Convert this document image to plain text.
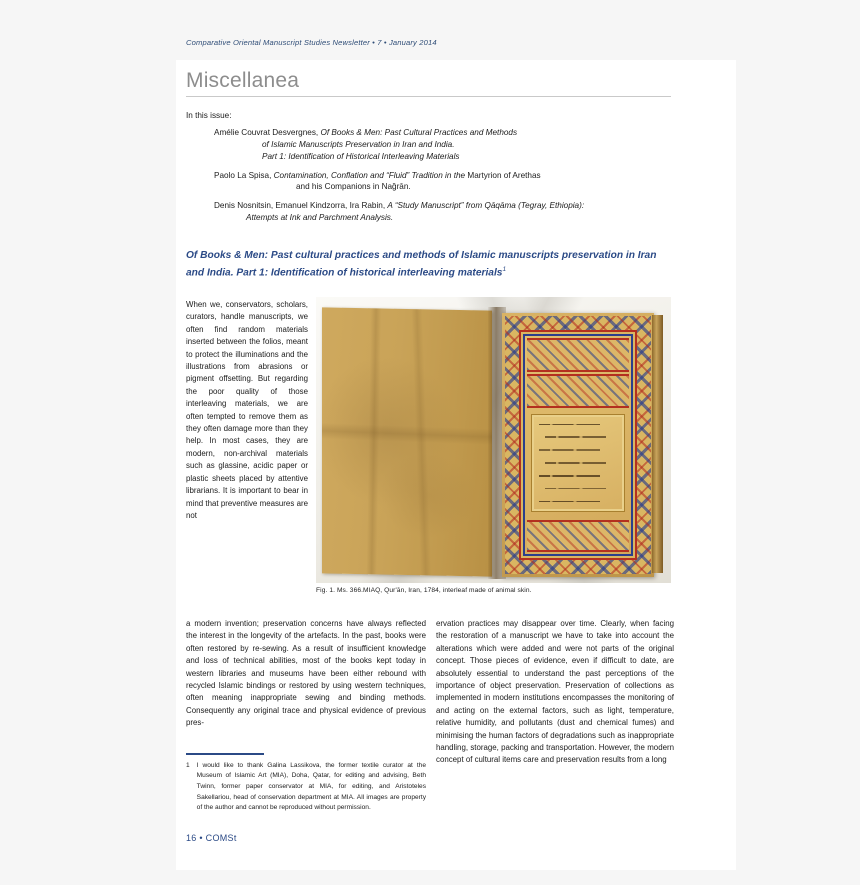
Comparative Oriental Manuscript Studies Newsletter • 7 • January 2014
Miscellanea
In this issue:
Amélie Couvrat Desvergnes, Of Books & Men: Past Cultural Practices and Methods
of Islamic Manuscripts Preservation in Iran and India.
Part 1: Identification of Historical Interleaving Materials
Paolo La Spisa, Contamination, Conflation and “Fluid” Tradition in the Martyrion of Arethas
and his Companions in Naǧrān.
Denis Nosnitsin, Emanuel Kindzorra, Ira Rabin, A “Study Manuscript” from Qāqāma (Tegray, Ethiopia):
Attempts at Ink and Parchment Analysis.
Of Books & Men: Past cultural practices and methods of Islamic manuscripts preservation in Iran and India. Part 1: Identification of historical interleaving materials$^1$
When we, conservators, scholars, curators, handle manuscripts, we often find random materials inserted between the folios, meant to protect the illuminations and the illustrations from abrasions or pigment offsetting. But regarding the poor quality of those interleaving materials, we are often tempted to remove them as they often damage more than they help. In most cases, they are modern, non-archival materials such as glassine, acidic paper or plastic sheets placed by attentive librarians. It is important to bear in mind that preventive measures are not
Fig. 1. Ms. 366.MIAQ, Qur'ān, Iran, 1784, interleaf made of animal skin.
a modern invention; preservation concerns have always reflected the interest in the longevity of the artefacts. In the past, books were often restored by re-sewing. As a result of insufficient knowledge and loss of technical abilities, most of the books kept today in western libraries and museums have been either rebound with recycled Islamic bindings or restored by using western techniques, often meaning inappropriate sewing and binding methods. Consequently any original trace and physical evidence of previous pres-
ervation practices may disappear over time. Clearly, when facing the restoration of a manuscript we have to take into account the alterations which were added and were not parts of the original concept. Those pieces of evidence, even if difficult to date, are absolutely essential to understand the past perceptions of the importance of object preservation. Preservation of collections as implemented in modern institutions encompasses the monitoring of and acting on the external factors, such as light, temperature, relative humidity, and pollutants (dust and chemical fumes) and minimising the human factors of degradations such as inappropriate handling, storage, packing and transportation. However, the modern concept of cultural items care and preservation results from a long
1 I would like to thank Galina Lassikova, the former textile curator at the Museum of Islamic Art (MIA), Doha, Qatar, for editing and advising, Beth Twinn, former paper conservator at MIA, for editing, and Aristoteles Sakellariou, head of conservation department at MIA. All images are property of the author and cannot be reproduced without permission.
16 • COMSt
